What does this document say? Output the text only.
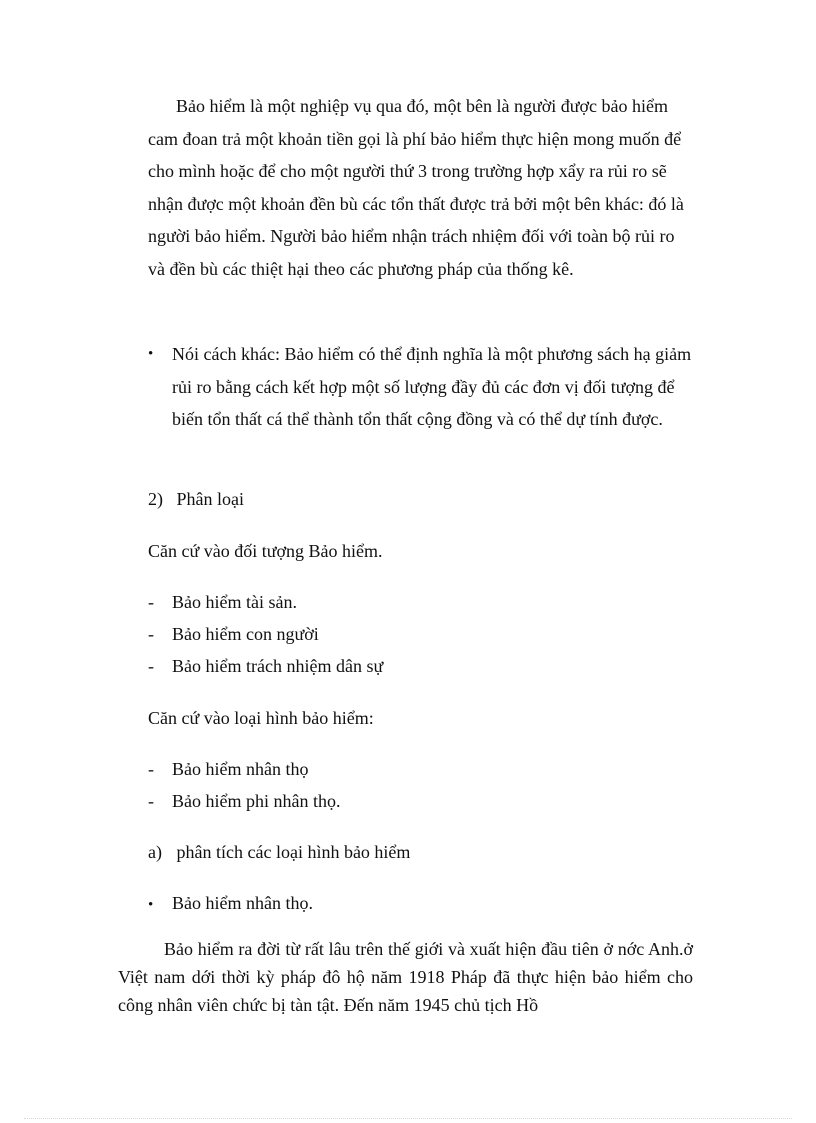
Bảo hiểm là một nghiệp vụ qua đó, một bên là người được bảo hiểm cam đoan trả một khoản tiền gọi là phí bảo hiểm thực hiện mong muốn để cho mình hoặc để cho một người thứ 3 trong trường hợp xẩy ra rủi ro sẽ nhận được một khoản đền bù các tổn thất được trả bởi một bên khác: đó là người bảo hiểm. Người bảo hiểm nhận trách nhiệm đối với toàn bộ rủi ro và đền bù các thiệt hại theo các phương pháp của thống kê.

•	Nói cách khác: Bảo hiểm có thể định nghĩa là một phương sách hạ giảm rủi ro bằng cách kết hợp một số lượng đầy đủ các đơn vị đối tượng để biến tổn thất cá thể thành tổn thất cộng đồng và có thể dự tính được.
2) Phân loại
Căn cứ vào đối tượng Bảo hiểm.
- Bảo hiểm tài sản.
- Bảo hiểm con người
- Bảo hiểm trách nhiệm dân sự
Căn cứ vào loại hình bảo hiểm:
- Bảo hiểm nhân thọ
- Bảo hiểm phi nhân thọ.
a) phân tích các loại hình bảo hiểm
• Bảo hiểm nhân thọ.

Bảo hiểm ra đời từ rất lâu trên thế giới và xuất hiện đầu tiên ở nớc Anh.ở Việt nam dới thời kỳ pháp đô hộ năm 1918 Pháp đã thực hiện bảo hiểm cho công nhân viên chức bị tàn tật. Đến năm 1945 chủ tịch Hồ
